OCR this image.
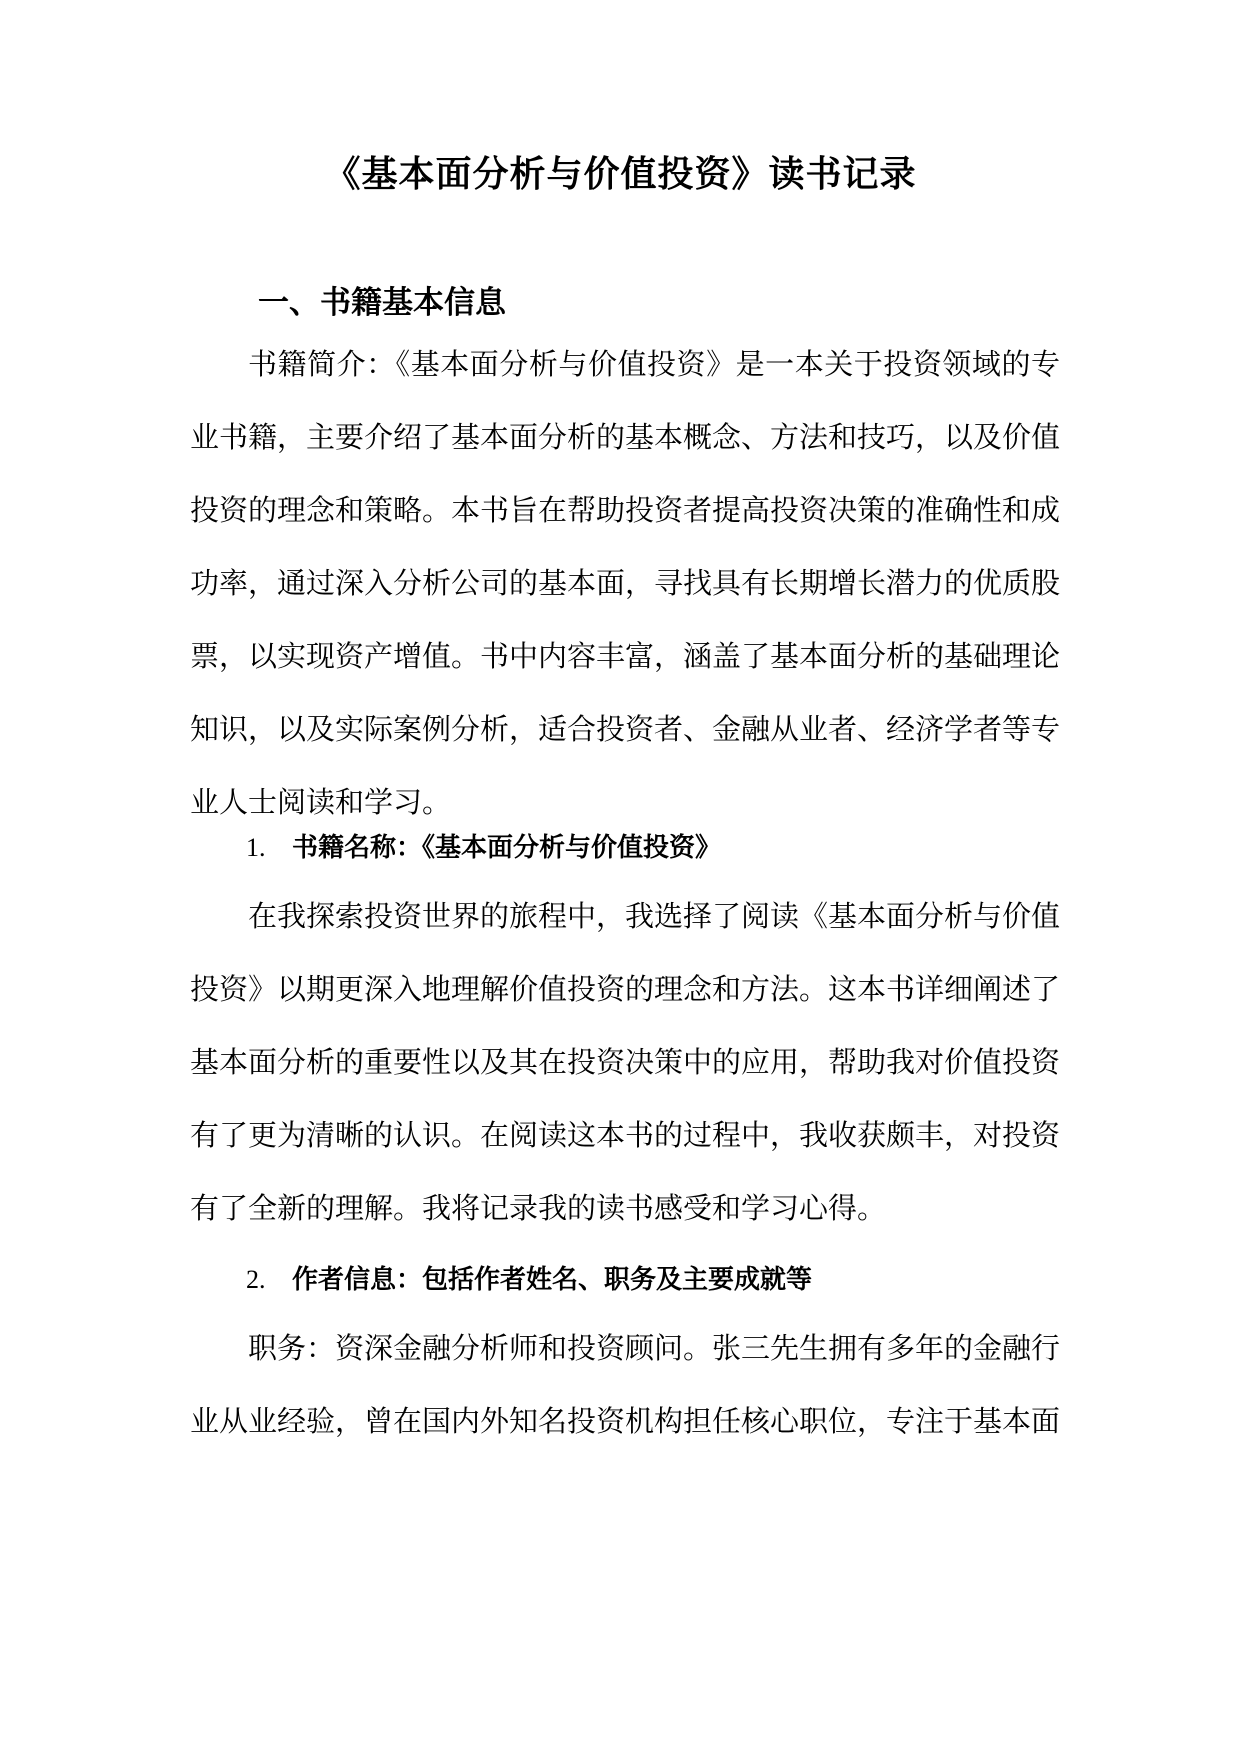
《基本面分析与价值投资》读书记录
一、书籍基本信息

书籍简介：《基本面分析与价值投资》是一本关于投资领域的专业书籍，主要介绍了基本面分析的基本概念、方法和技巧，以及价值投资的理念和策略。本书旨在帮助投资者提高投资决策的准确性和成功率，通过深入分析公司的基本面，寻找具有长期增长潜力的优质股票，以实现资产增值。书中内容丰富，涵盖了基本面分析的基础理论知识，以及实际案例分析，适合投资者、金融从业者、经济学者等专业人士阅读和学习。

1. 书籍名称：《基本面分析与价值投资》

在我探索投资世界的旅程中，我选择了阅读《基本面分析与价值投资》以期更深入地理解价值投资的理念和方法。这本书详细阐述了基本面分析的重要性以及其在投资决策中的应用，帮助我对价值投资有了更为清晰的认识。在阅读这本书的过程中，我收获颇丰，对投资有了全新的理解。我将记录我的读书感受和学习心得。

2. 作者信息：包括作者姓名、职务及主要成就等

职务：资深金融分析师和投资顾问。张三先生拥有多年的金融行业从业经验，曾在国内外知名投资机构担任核心职位，专注于基本面
